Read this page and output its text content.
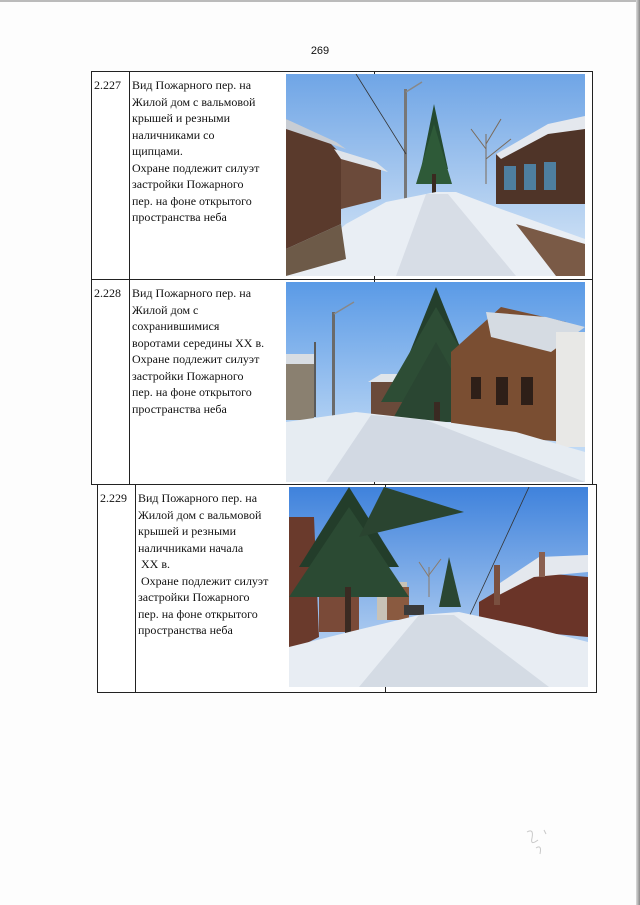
269
2.227 Вид Пожарного пер. на
Жилой дом с вальмовой
крышей и резными
наличниками со
щипцами.
Охране подлежит силуэт
застройки Пожарного
пер. на фоне открытого
пространства неба
2.228 Вид Пожарного пер. на
Жилой дом с
сохранившимися
воротами середины XX в.
Охране подлежит силуэт
застройки Пожарного
пер. на фоне открытого
пространства неба
2.229 Вид Пожарного пер. на
Жилой дом с вальмовой
крышей и резными
наличниками начала
XX в.
Охране подлежит силуэт
застройки Пожарного
пер. на фоне открытого
пространства неба
